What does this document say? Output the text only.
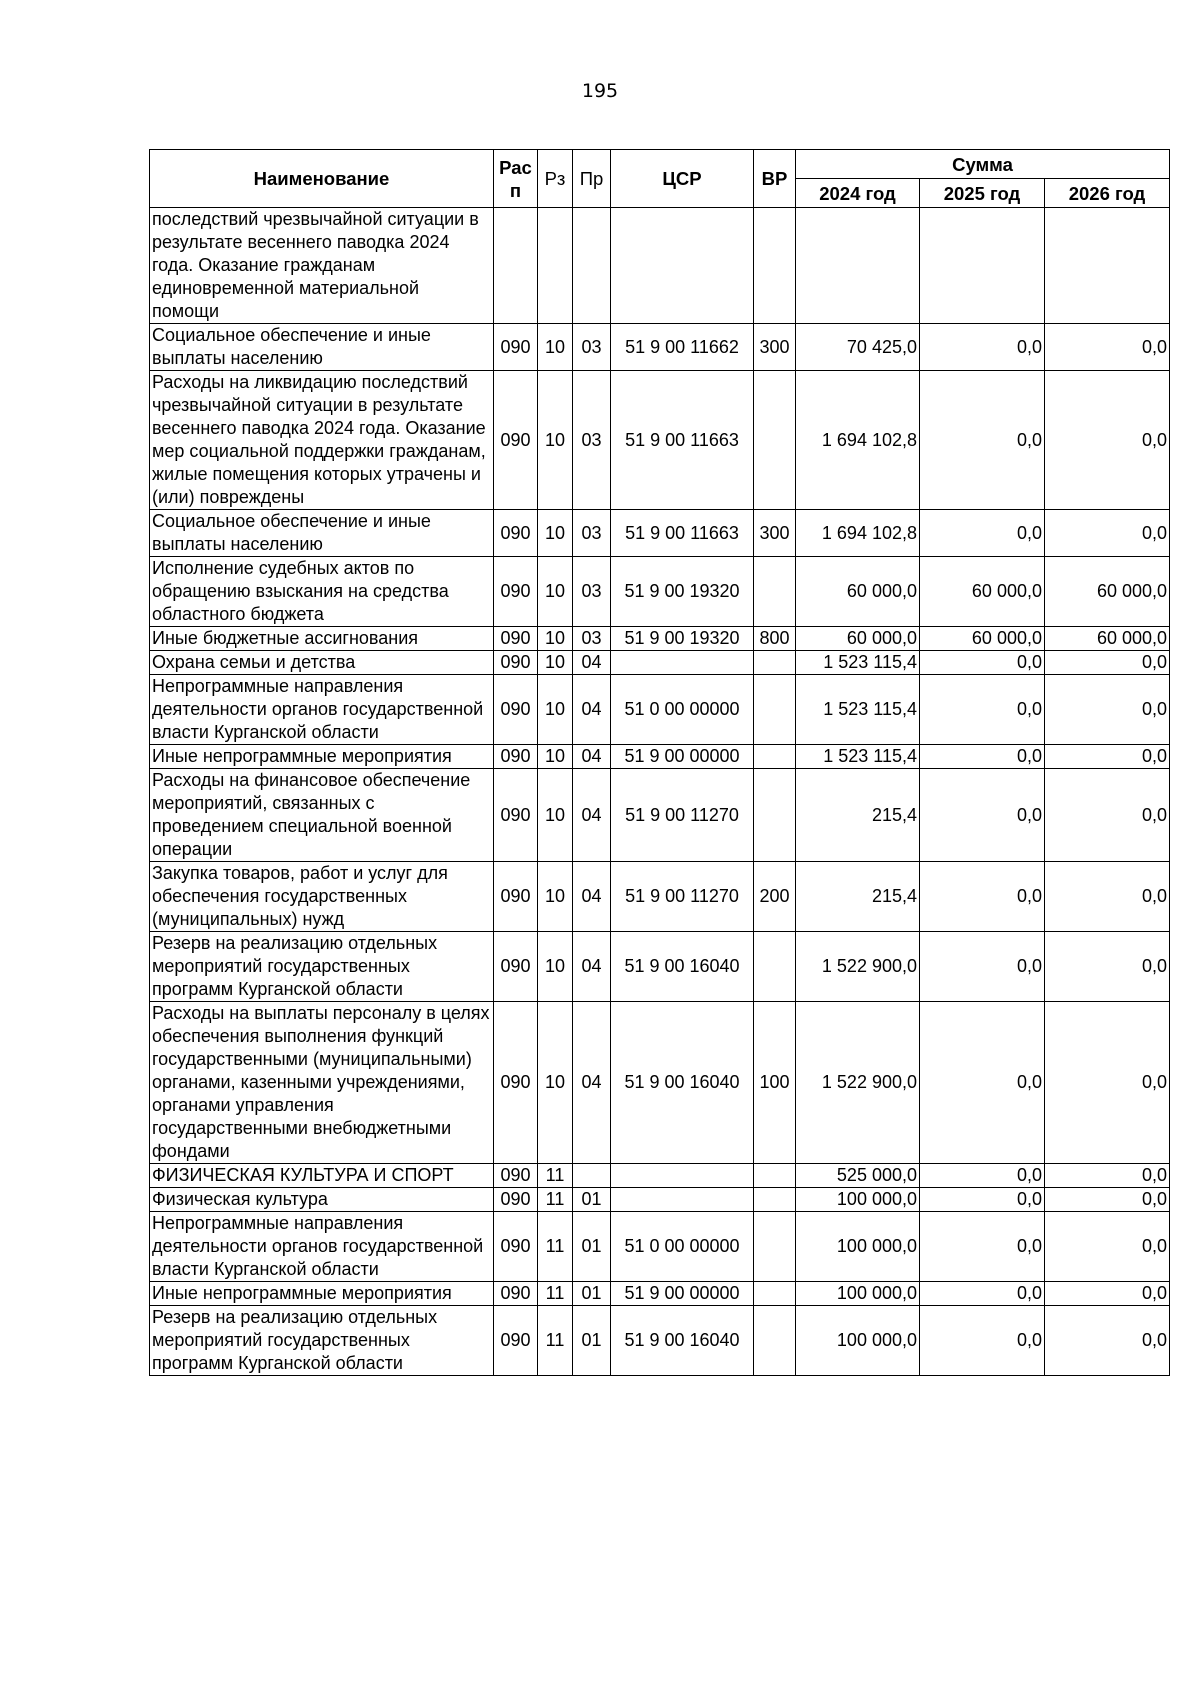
195
Наименование	Рас п	Рз	Пр	ЦСР	ВР	Сумма		
						2024 год	2025 год	2026 год
последствий чрезвычайной ситуации в результате весеннего паводка 2024 года. Оказание гражданам единовременной материальной помощи								
Социальное обеспечение и иные выплаты населению	090	10	03	51 9 00 11662	300	70 425,0	0,0	0,0
Расходы на ликвидацию последствий чрезвычайной ситуации в результате весеннего паводка 2024 года. Оказание мер социальной поддержки гражданам, жилые помещения которых утрачены и (или) повреждены	090	10	03	51 9 00 11663		1 694 102,8	0,0	0,0
Социальное обеспечение и иные выплаты населению	090	10	03	51 9 00 11663	300	1 694 102,8	0,0	0,0
Исполнение судебных актов по обращению взыскания на средства областного бюджета	090	10	03	51 9 00 19320		60 000,0	60 000,0	60 000,0
Иные бюджетные ассигнования	090	10	03	51 9 00 19320	800	60 000,0	60 000,0	60 000,0
Охрана семьи и детства	090	10	04			1 523 115,4	0,0	0,0
Непрограммные направления деятельности органов государственной власти Курганской области	090	10	04	51 0 00 00000		1 523 115,4	0,0	0,0
Иные непрограммные мероприятия	090	10	04	51 9 00 00000		1 523 115,4	0,0	0,0
Расходы на финансовое обеспечение мероприятий, связанных с проведением специальной военной операции	090	10	04	51 9 00 11270		215,4	0,0	0,0
Закупка товаров, работ и услуг для обеспечения государственных (муниципальных) нужд	090	10	04	51 9 00 11270	200	215,4	0,0	0,0
Резерв на реализацию отдельных мероприятий государственных программ Курганской области	090	10	04	51 9 00 16040		1 522 900,0	0,0	0,0
Расходы на выплаты персоналу в целях обеспечения выполнения функций государственными (муниципальными) органами, казенными учреждениями, органами управления государственными внебюджетными фондами	090	10	04	51 9 00 16040	100	1 522 900,0	0,0	0,0
ФИЗИЧЕСКАЯ КУЛЬТУРА И СПОРТ	090	11				525 000,0	0,0	0,0
Физическая культура	090	11	01			100 000,0	0,0	0,0
Непрограммные направления деятельности органов государственной власти Курганской области	090	11	01	51 0 00 00000		100 000,0	0,0	0,0
Иные непрограммные мероприятия	090	11	01	51 9 00 00000		100 000,0	0,0	0,0
Резерв на реализацию отдельных мероприятий государственных программ Курганской области	090	11	01	51 9 00 16040		100 000,0	0,0	0,0
